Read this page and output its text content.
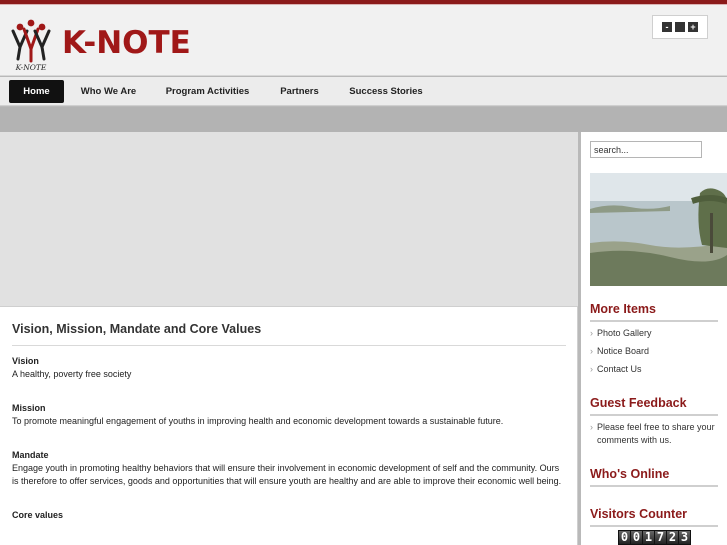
K-NOTE
K-NOTE	-	+
Home	Who We Are	Program Activities	Partners	Success Stories
Vision, Mission, Mandate and Core Values
Vision
A healthy, poverty free society
Mission
To promote meaningful engagement of youths in improving health and economic development towards a sustainable future.
Mandate
Engage youth in promoting healthy behaviors that will ensure their involvement in economic development of self and the community. Ours is therefore to offer services, goods and opportunities that will ensure youth are healthy and are able to improve their economic well being.
Core values
search...
More Items
› Photo Gallery
› Notice Board
› Contact Us
Guest Feedback
› Please feel free to share your comments with us.
Who's Online
Visitors Counter
0 0 1 7 2 3
